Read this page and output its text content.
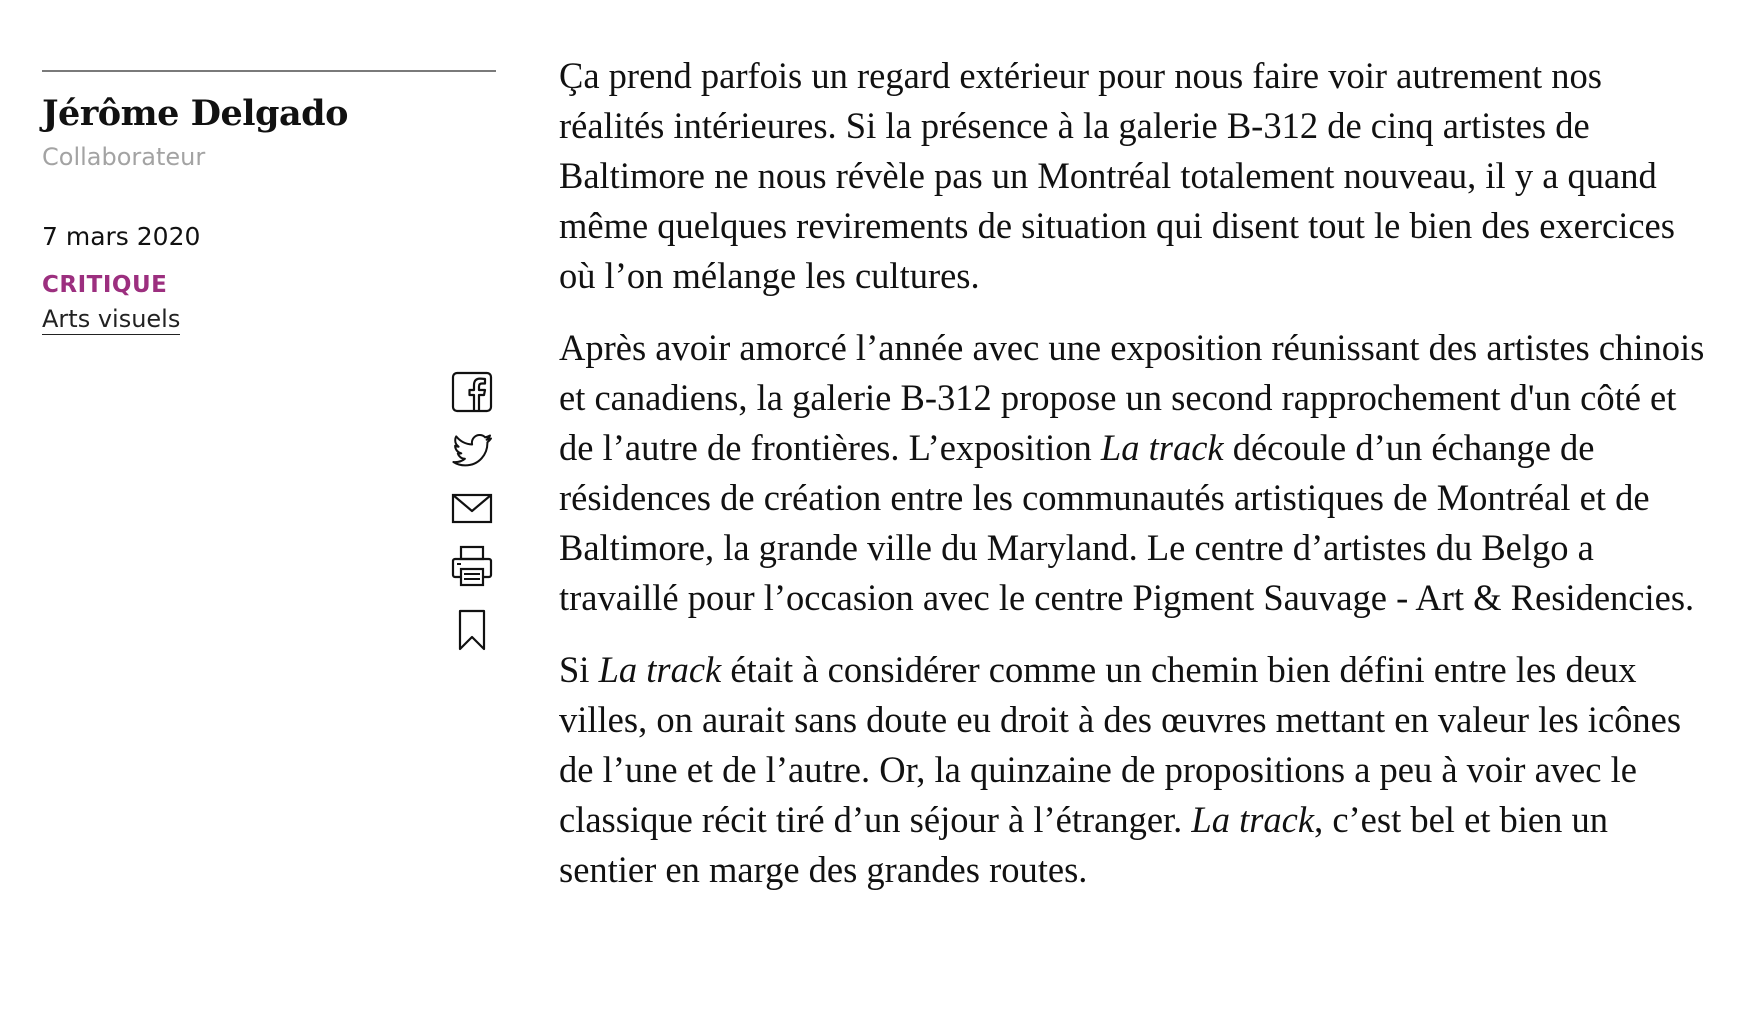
Jérôme Delgado
Collaborateur
7 mars 2020
CRITIQUE
Arts visuels

Ça prend parfois un regard extérieur pour nous faire voir autrement nos réalités intérieures. Si la présence à la galerie B-312 de cinq artistes de Baltimore ne nous révèle pas un Montréal totalement nouveau, il y a quand même quelques revirements de situation qui disent tout le bien des exercices où l’on mélange les cultures.

Après avoir amorcé l’année avec une exposition réunissant des artistes chinois et canadiens, la galerie B-312 propose un second rapprochement d'un côté et de l’autre de frontières. L’exposition La track découle d’un échange de résidences de création entre les communautés artistiques de Montréal et de Baltimore, la grande ville du Maryland. Le centre d’artistes du Belgo a travaillé pour l’occasion avec le centre Pigment Sauvage - Art & Residencies.

Si La track était à considérer comme un chemin bien défini entre les deux villes, on aurait sans doute eu droit à des œuvres mettant en valeur les icônes de l’une et de l’autre. Or, la quinzaine de propositions a peu à voir avec le classique récit tiré d’un séjour à l’étranger. La track, c’est bel et bien un sentier en marge des grandes routes.
